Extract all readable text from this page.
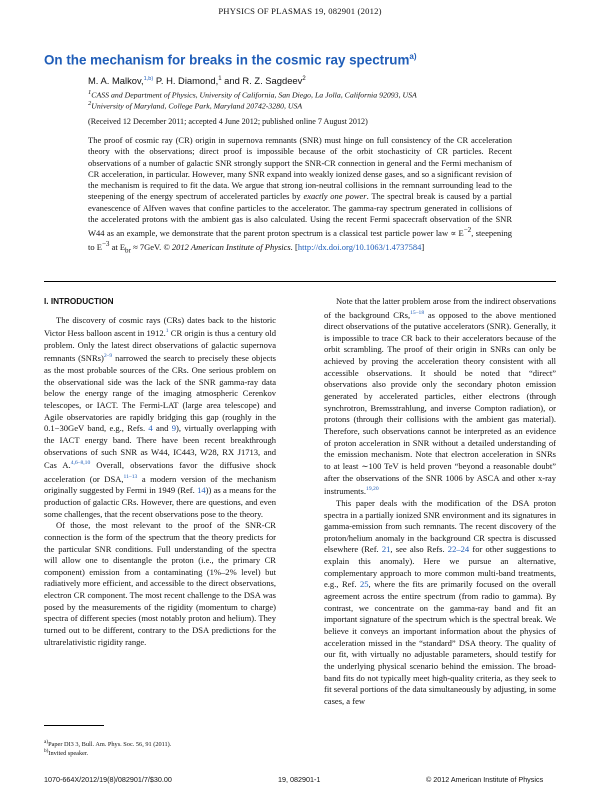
PHYSICS OF PLASMAS 19, 082901 (2012)
On the mechanism for breaks in the cosmic ray spectrum$^{a)}$
M. A. Malkov,$^{1,b)}$ P. H. Diamond,$^1$ and R. Z. Sagdeev$^2$
$^1$CASS and Department of Physics, University of California, San Diego, La Jolla, California 92093, USA
$^2$University of Maryland, College Park, Maryland 20742-3280, USA
(Received 12 December 2011; accepted 4 June 2012; published online 7 August 2012)
The proof of cosmic ray (CR) origin in supernova remnants (SNR) must hinge on full consistency of the CR acceleration theory with the observations; direct proof is impossible because of the orbit stochasticity of CR particles. Recent observations of a number of galactic SNR strongly support the SNR-CR connection in general and the Fermi mechanism of CR acceleration, in particular. However, many SNR expand into weakly ionized dense gases, and so a significant revision of the mechanism is required to fit the data. We argue that strong ion-neutral collisions in the remnant surrounding lead to the steepening of the energy spectrum of accelerated particles by exactly one power. The spectral break is caused by a partial evanescence of Alfven waves that confine particles to the accelerator. The gamma-ray spectrum generated in collisions of the accelerated protons with the ambient gas is also calculated. Using the recent Fermi spacecraft observation of the SNR W44 as an example, we demonstrate that the parent proton spectrum is a classical test particle power law ∝ $E^{-2}$, steepening to $E^{-3}$ at $E_{br} \approx 7GeV$. © 2012 American Institute of Physics. [http://dx.doi.org/10.1063/1.4737584]
I. INTRODUCTION

The discovery of cosmic rays (CRs) dates back to the historic Victor Hess balloon ascent in 1912.$^1$ CR origin is thus a century old problem. Only the latest direct observations of galactic supernova remnants (SNRs)$^{2-9}$ narrowed the search to precisely these objects as the most probable sources of the CRs. One serious problem on the observational side was the lack of the SNR gamma-ray data below the energy range of the imaging atmospheric Cerenkov telescopes, or IACT. The Fermi-LAT (large area telescope) and Agile observatories are rapidly bridging this gap (roughly in the 0.1−30GeV band, e.g., Refs. 4 and 9), virtually overlapping with the IACT energy band. There have been recent breakthrough observations of such SNR as W44, IC443, W28, RX J1713, and Cas A.$^{4,6-8,10}$ Overall, observations favor the diffusive shock acceleration (or DSA,$^{11-13}$ a modern version of the mechanism originally suggested by Fermi in 1949 (Ref. 14)) as a means for the production of galactic CRs. However, there are questions, and even some challenges, that the recent observations pose to the theory.

Of those, the most relevant to the proof of the SNR-CR connection is the form of the spectrum that the theory predicts for the particular SNR conditions. Full understanding of the spectra will allow one to disentangle the proton (i.e., the primary CR component) emission from a contaminating (1%–2% level) but radiatively more efficient, and accessible to the direct observations, electron CR component. The most recent challenge to the DSA was posed by the measurements of the rigidity (momentum to charge) spectra of different species (most notably proton and helium). They turned out to be different, contrary to the DSA predictions for the ultrarelativistic rigidity range.

Note that the latter problem arose from the indirect observations of the background CRs,$^{15-18}$ as opposed to the above mentioned direct observations of the putative accelerators (SNR). Generally, it is impossible to trace CR back to their accelerators because of the orbit scrambling. The proof of their origin in SNRs can only be achieved by proving the acceleration theory consistent with all accessible observations. It should be noted that “direct” observations also provide only the secondary photon emission generated by accelerated particles, either electrons (through synchrotron, Bremsstrahlung, and inverse Compton radiation), or protons (through their collisions with the ambient gas material). Therefore, such observations cannot be interpreted as an evidence of proton acceleration in SNR without a detailed understanding of the emission mechanism. Note that electron acceleration in SNRs to at least ∼100 TeV is held proven “beyond a reasonable doubt” after the observations of the SNR 1006 by ASCA and other x-ray instruments.$^{19,20}$

This paper deals with the modification of the DSA proton spectra in a partially ionized SNR environment and its signatures in gamma-emission from such remnants. The recent discovery of the proton/helium anomaly in the background CR spectra is discussed elsewhere (Ref. 21, see also Refs. 22–24 for other suggestions to explain this anomaly). Here we pursue an alternative, complementary approach to more common multi-band treatments, e.g., Ref. 25, where the fits are primarily focused on the overall agreement across the entire spectrum (from radio to gamma). By contrast, we concentrate on the gamma-ray band and fit an important signature of the spectrum which is the spectral break. We believe it conveys an important information about the physics of acceleration missed in the “standard” DSA theory. The quality of our fit, with virtually no adjustable parameters, should testify for the underlying physical scenario behind the emission. The broad-band fits do not typically meet high-quality criteria, as they seek to fit several portions of the data simultaneously by adjusting, in some cases, a few

$^{a)}$Paper DI3 3, Bull. Am. Phys. Soc. 56, 91 (2011).
$^{b)}$Invited speaker.
1070-664X/2012/19(8)/082901/7/$30.00	19, 082901-1	© 2012 American Institute of Physics
